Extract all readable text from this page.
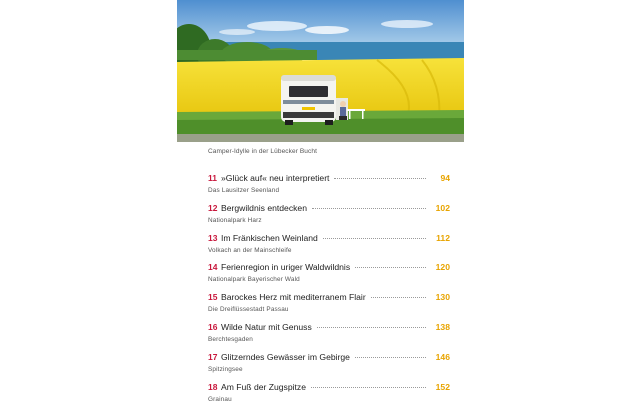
Camper-Idylle in der Lübecker Bucht
11 »Glück auf« neu interpretiert	94
Das Lausitzer Seenland
12 Bergwildnis entdecken	102
Nationalpark Harz
13 Im Fränkischen Weinland	112
Volkach an der Mainschleife
14 Ferienregion in uriger Waldwildnis	120
Nationalpark Bayerischer Wald
15 Barockes Herz mit mediterranem Flair	130
Die Dreiflüssestadt Passau
16 Wilde Natur mit Genuss	138
Berchtesgaden
17 Glitzerndes Gewässer im Gebirge	146
Spitzingsee
18 Am Fuß der Zugspitze	152
Grainau
